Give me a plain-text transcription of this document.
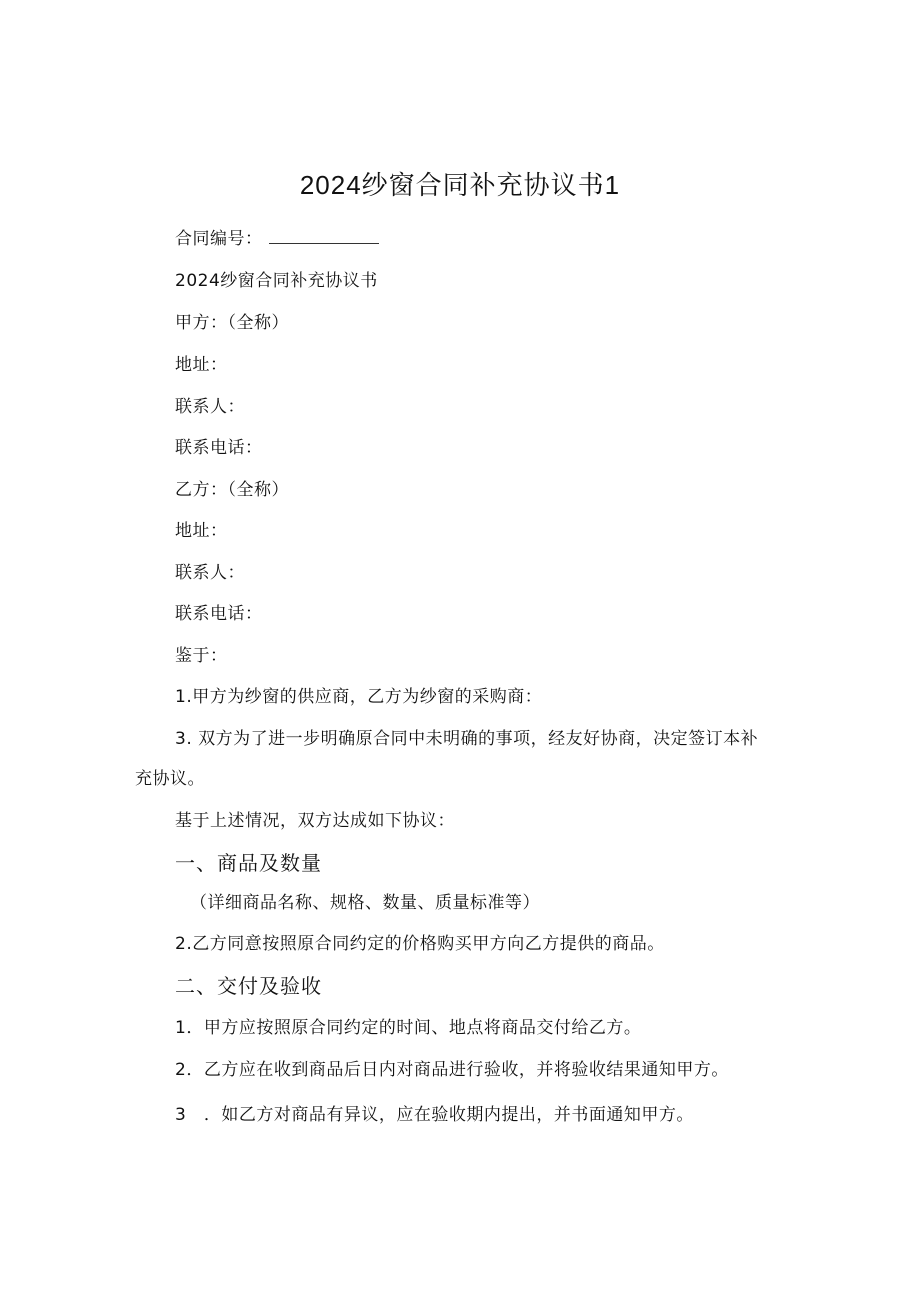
2024纱窗合同补充协议书1
合同编号：
2024纱窗合同补充协议书
甲方：（全称）
地址：
联系人：
联系电话：
乙方：（全称）
地址：
联系人：
联系电话：
鉴于：
1.甲方为纱窗的供应商，乙方为纱窗的采购商：
3. 双方为了进一步明确原合同中未明确的事项，经友好协商，决定签订本补
充协议。
基于上述情况，双方达成如下协议：
一、商品及数量
（详细商品名称、规格、数量、质量标准等）
2.乙方同意按照原合同约定的价格购买甲方向乙方提供的商品。
二、交付及验收
1．甲方应按照原合同约定的时间、地点将商品交付给乙方。
2．乙方应在收到商品后日内对商品进行验收，并将验收结果通知甲方。
3　．如乙方对商品有异议，应在验收期内提出，并书面通知甲方。
